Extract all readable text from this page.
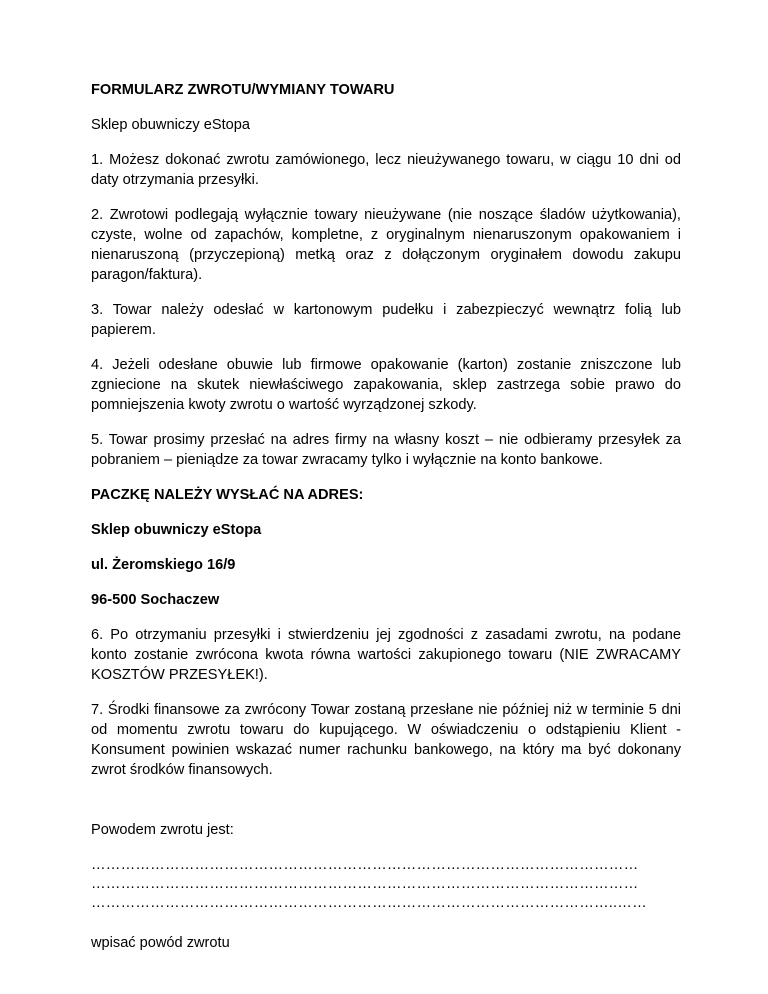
FORMULARZ ZWROTU/WYMIANY TOWARU

Sklep obuwniczy eStopa

1. Możesz dokonać zwrotu zamówionego, lecz nieużywanego towaru, w ciągu 10 dni od daty otrzymania przesyłki.

2. Zwrotowi podlegają wyłącznie towary nieużywane (nie noszące śladów użytkowania), czyste, wolne od zapachów, kompletne, z oryginalnym nienaruszonym opakowaniem i nienaruszoną (przyczepioną) metką oraz z dołączonym oryginałem dowodu zakupu paragon/faktura).

3. Towar należy odesłać w kartonowym pudełku i zabezpieczyć wewnątrz folią lub papierem.

4. Jeżeli odesłane obuwie lub firmowe opakowanie (karton) zostanie zniszczone lub zgniecione na skutek niewłaściwego zapakowania, sklep zastrzega sobie prawo do pomniejszenia kwoty zwrotu o wartość wyrządzonej szkody.

5. Towar prosimy przesłać na adres firmy na własny koszt – nie odbieramy przesyłek za pobraniem – pieniądze za towar zwracamy tylko i wyłącznie na konto bankowe.

PACZKĘ NALEŻY WYSŁAĆ NA ADRES:

Sklep obuwniczy eStopa

ul. Żeromskiego 16/9

96-500 Sochaczew

6. Po otrzymaniu przesyłki i stwierdzeniu jej zgodności z zasadami zwrotu, na podane konto zostanie zwrócona kwota równa wartości zakupionego towaru (NIE ZWRACAMY KOSZTÓW PRZESYŁEK!).

7. Środki finansowe za zwrócony Towar zostaną przesłane nie później niż w terminie 5 dni od momentu zwrotu towaru do kupującego. W oświadczeniu o odstąpieniu Klient - Konsument powinien wskazać numer rachunku bankowego, na który ma być dokonany zwrot środków finansowych.

Powodem zwrotu jest:

…………………………………………………………………………………………………

…………………………………………………………………………………………………

……………………………………………………………………………………………..……

wpisać powód zwrotu
